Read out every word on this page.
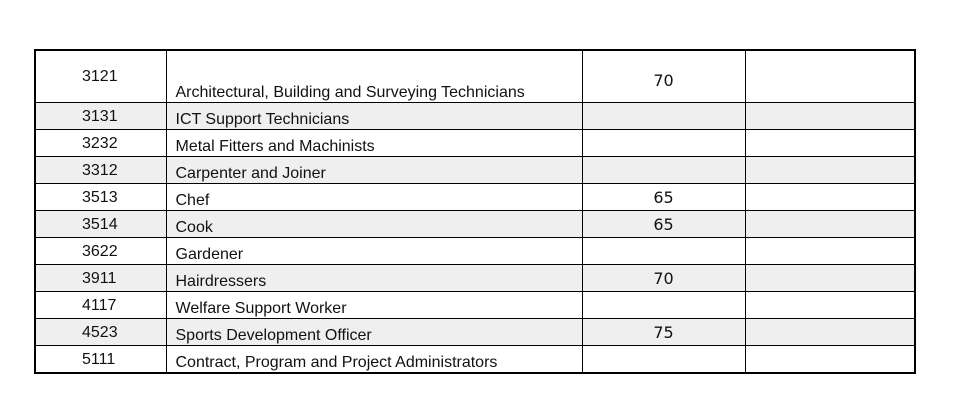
3121	Architectural, Building and Surveying Technicians	70	
3131	ICT Support Technicians		
3232	Metal Fitters and Machinists		
3312	Carpenter and Joiner		
3513	Chef	65	
3514	Cook	65	
3622	Gardener		
3911	Hairdressers	70	
4117	Welfare Support Worker		
4523	Sports Development Officer	75	
5111	Contract, Program and Project Administrators		
